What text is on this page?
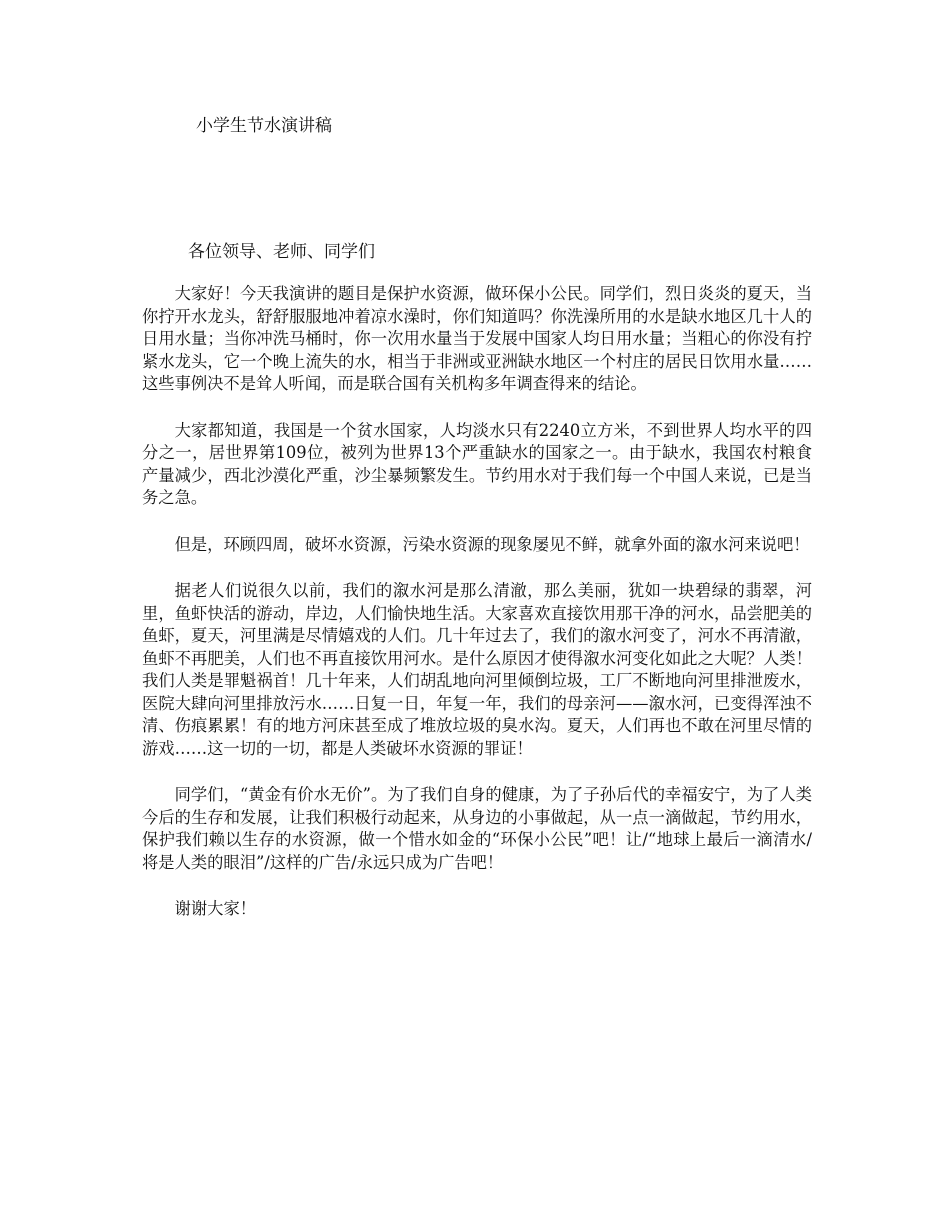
小学生节水演讲稿

各位领导、老师、同学们

大家好！今天我演讲的题目是保护水资源，做环保小公民。同学们，烈日炎炎的夏天，当你拧开水龙头，舒舒服服地冲着凉水澡时，你们知道吗？你洗澡所用的水是缺水地区几十人的日用水量；当你冲洗马桶时，你一次用水量当于发展中国家人均日用水量；当粗心的你没有拧紧水龙头，它一个晚上流失的水，相当于非洲或亚洲缺水地区一个村庄的居民日饮用水量……这些事例决不是耸人听闻，而是联合国有关机构多年调查得来的结论。

大家都知道，我国是一个贫水国家，人均淡水只有2240立方米，不到世界人均水平的四分之一，居世界第109位，被列为世界13个严重缺水的国家之一。由于缺水，我国农村粮食产量减少，西北沙漠化严重，沙尘暴频繁发生。节约用水对于我们每一个中国人来说，已是当务之急。

但是，环顾四周，破坏水资源，污染水资源的现象屡见不鲜，就拿外面的溆水河来说吧！

据老人们说很久以前，我们的溆水河是那么清澈，那么美丽，犹如一块碧绿的翡翠，河里，鱼虾快活的游动，岸边，人们愉快地生活。大家喜欢直接饮用那干净的河水，品尝肥美的鱼虾，夏天，河里满是尽情嬉戏的人们。几十年过去了，我们的溆水河变了，河水不再清澈，鱼虾不再肥美，人们也不再直接饮用河水。是什么原因才使得溆水河变化如此之大呢？人类！我们人类是罪魁祸首！几十年来，人们胡乱地向河里倾倒垃圾，工厂不断地向河里排泄废水，医院大肆向河里排放污水……日复一日，年复一年，我们的母亲河——溆水河，已变得浑浊不清、伤痕累累！有的地方河床甚至成了堆放垃圾的臭水沟。夏天，人们再也不敢在河里尽情的游戏……这一切的一切，都是人类破坏水资源的罪证！

同学们，“黄金有价水无价”。为了我们自身的健康，为了子孙后代的幸福安宁，为了人类今后的生存和发展，让我们积极行动起来，从身边的小事做起，从一点一滴做起，节约用水，保护我们赖以生存的水资源，做一个惜水如金的“环保小公民”吧！让/“地球上最后一滴清水/将是人类的眼泪”/这样的广告/永远只成为广告吧！

谢谢大家！
